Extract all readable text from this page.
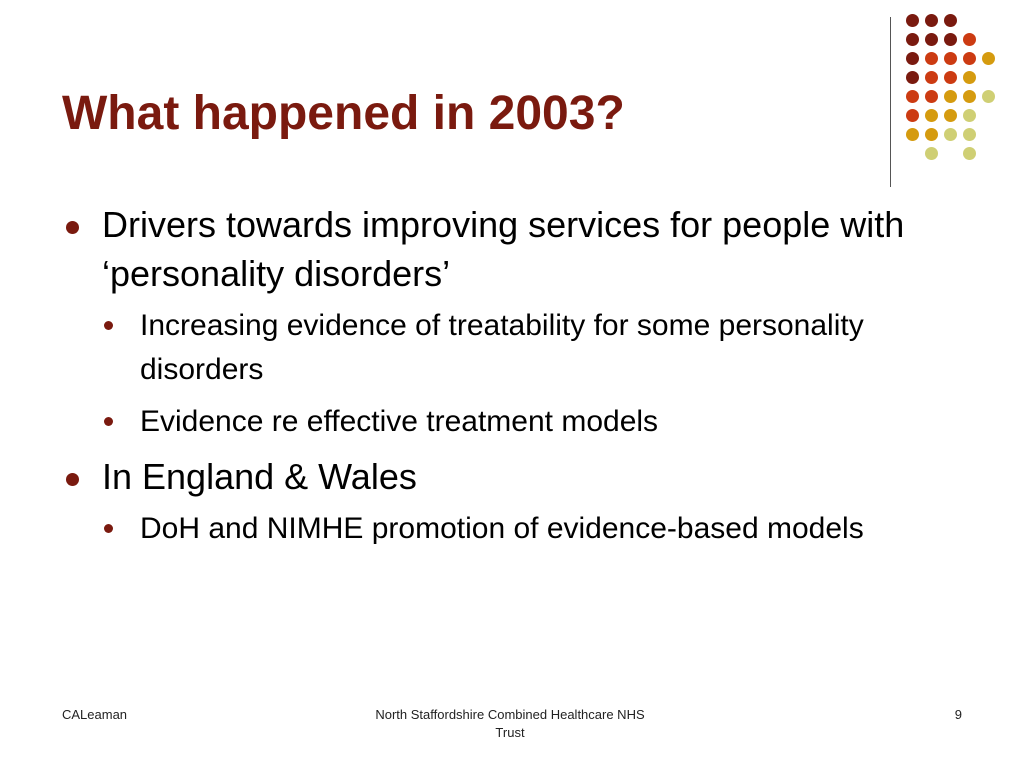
What happened in 2003?
Drivers towards improving services for people with ‘personality disorders’
Increasing evidence of treatability for some personality disorders
Evidence re effective treatment models
In England & Wales
DoH and NIMHE promotion of evidence-based models
CALeaman	North Staffordshire Combined Healthcare NHS
Trust
9
